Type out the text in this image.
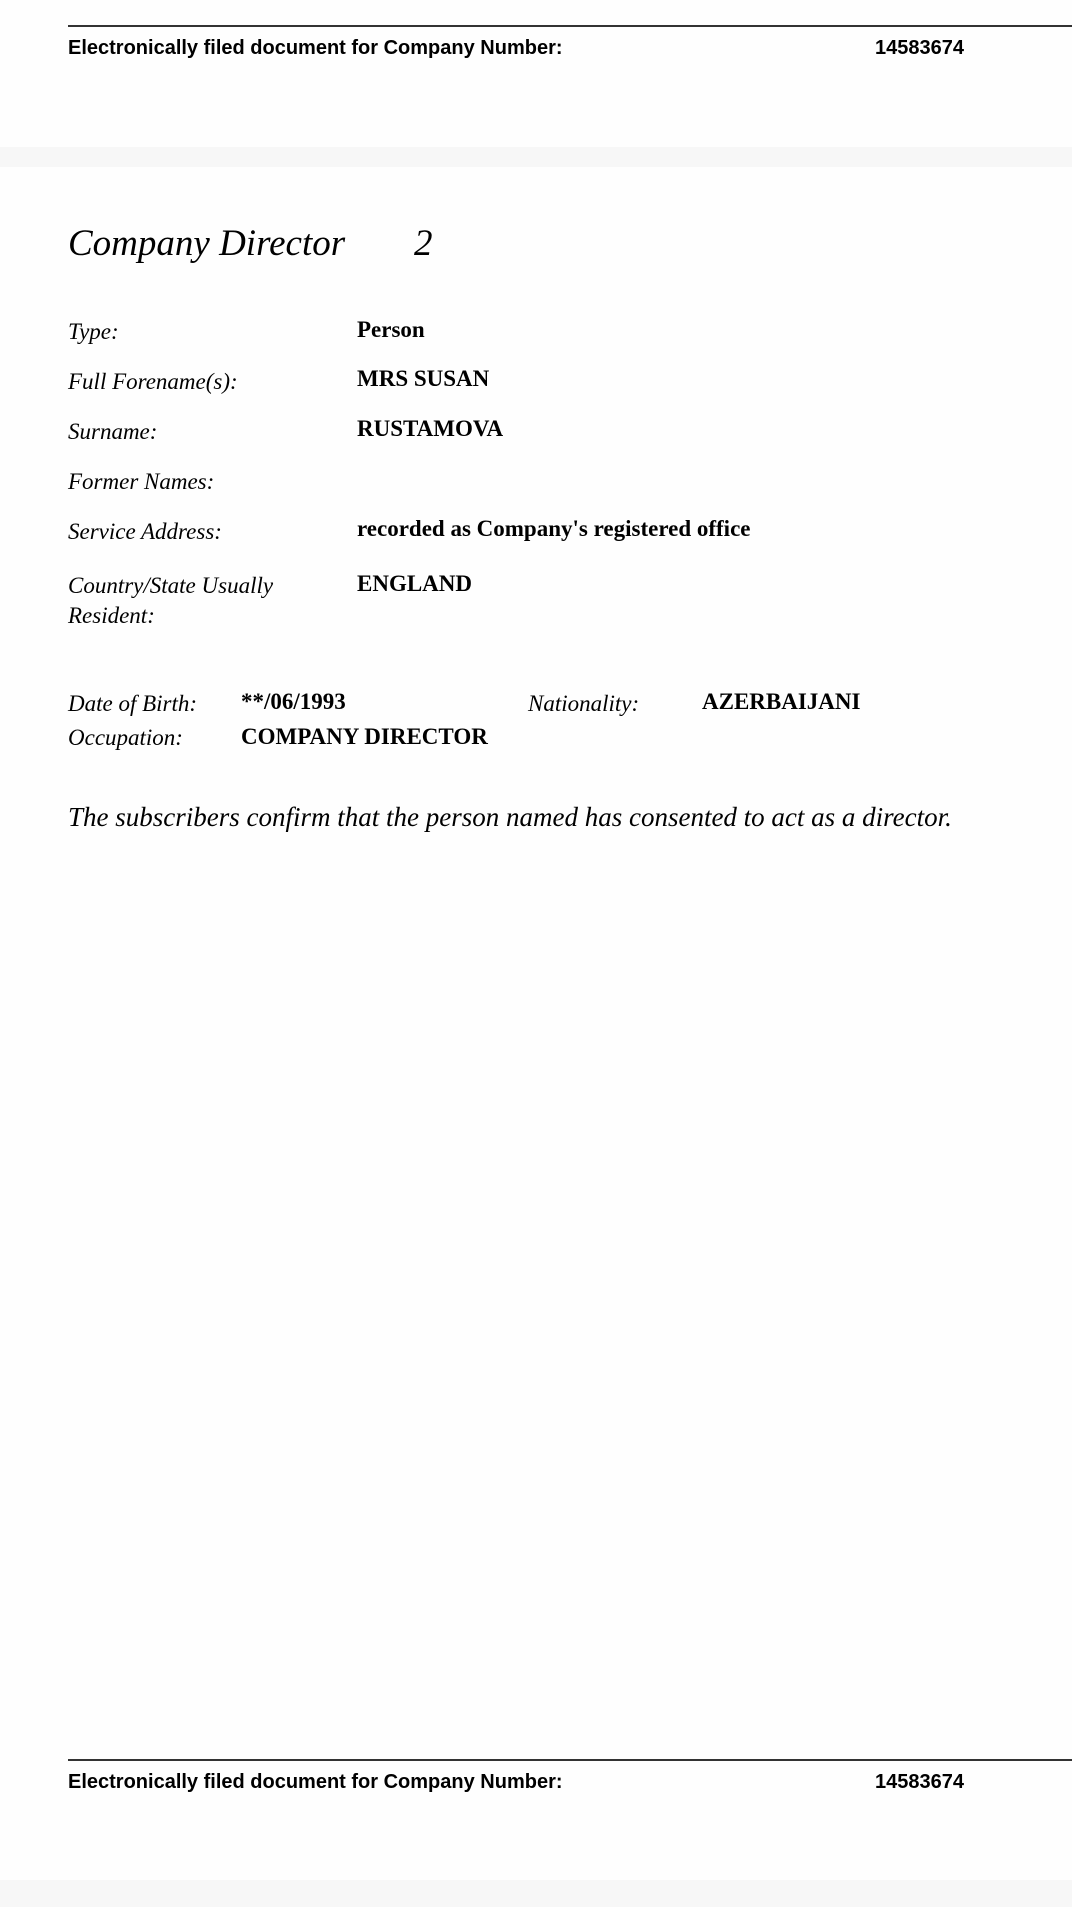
Electronically filed document for Company Number:	14583674
Company Director 2
Type:	Person
Full Forename(s):	MRS SUSAN
Surname:	RUSTAMOVA
Former Names:
Service Address:	recorded as Company's registered office
Country/State Usually
Resident:
ENGLAND
Date of Birth: **/06/1993	Nationality:	AZERBAIJANI
Occupation:	COMPANY DIRECTOR
The subscribers confirm that the person named has consented to act as a director.
Electronically filed document for Company Number:	14583674
